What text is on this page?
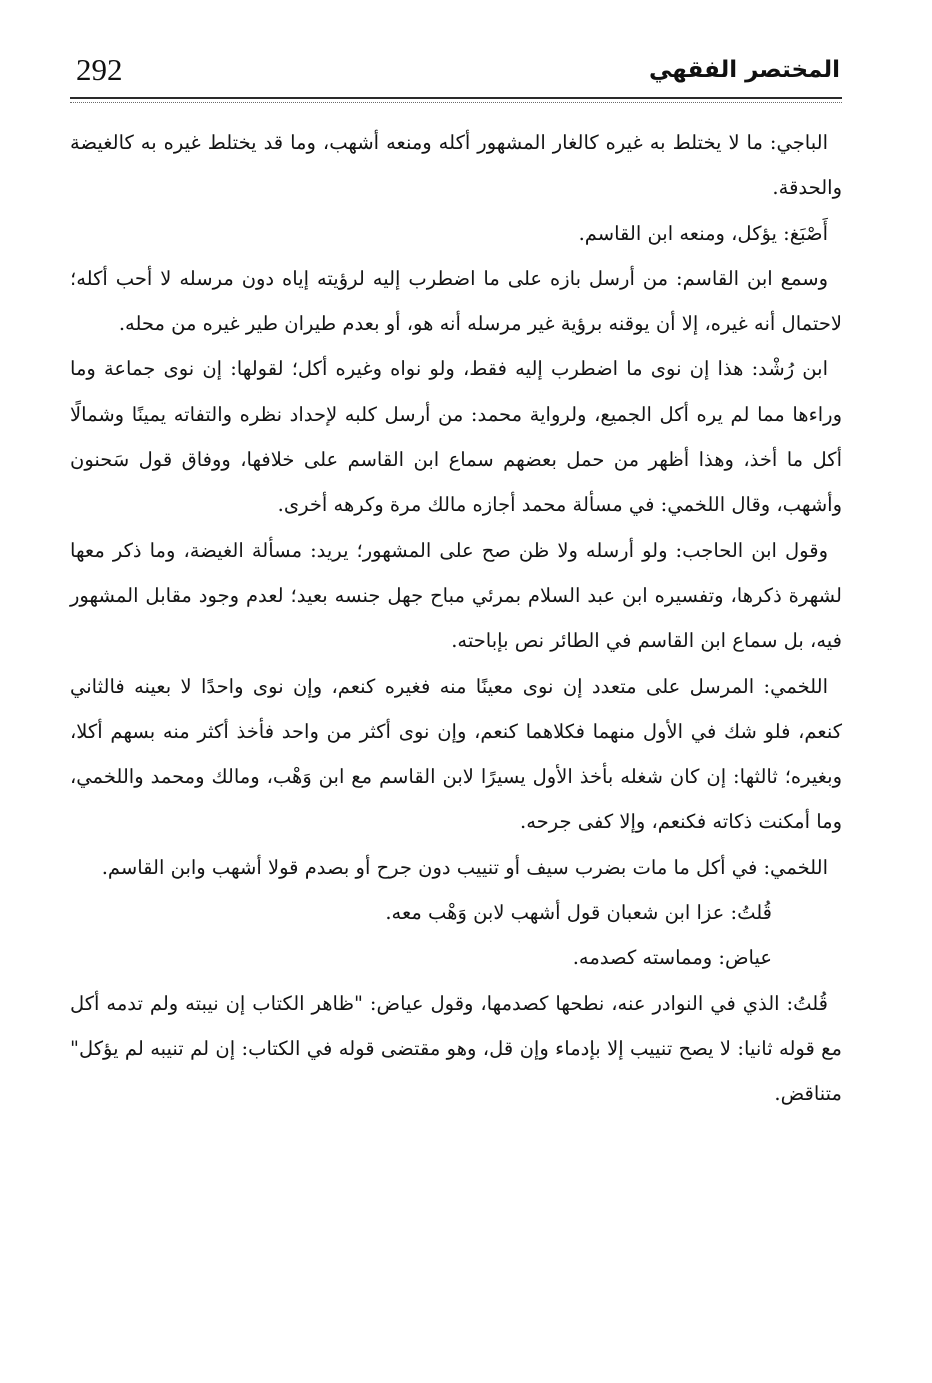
292	المختصر الفقهي

الباجي: ما لا يختلط به غيره كالغار المشهور أكله ومنعه أشهب، وما قد يختلط غيره به كالغيضة والحدقة.

أَصْبَغ: يؤكل، ومنعه ابن القاسم.

وسمع ابن القاسم: من أرسل بازه على ما اضطرب إليه لرؤيته إياه دون مرسله لا أحب أكله؛ لاحتمال أنه غيره، إلا أن يوقنه برؤية غير مرسله أنه هو، أو بعدم طيران طير غيره من محله.

ابن رُشْد: هذا إن نوى ما اضطرب إليه فقط، ولو نواه وغيره أكل؛ لقولها: إن نوى جماعة وما وراءها مما لم يره أكل الجميع، ولرواية محمد: من أرسل كلبه لإحداد نظره والتفاته يمينًا وشمالًا أكل ما أخذ، وهذا أظهر من حمل بعضهم سماع ابن القاسم على خلافها، ووفاق قول سَحنون وأشهب، وقال اللخمي: في مسألة محمد أجازه مالك مرة وكرهه أخرى.

وقول ابن الحاجب: ولو أرسله ولا ظن صح على المشهور؛ يريد: مسألة الغيضة، وما ذكر معها لشهرة ذكرها، وتفسيره ابن عبد السلام بمرئي مباح جهل جنسه بعيد؛ لعدم وجود مقابل المشهور فيه، بل سماع ابن القاسم في الطائر نص بإباحته.

اللخمي: المرسل على متعدد إن نوى معينًا منه فغيره كنعم، وإن نوى واحدًا لا بعينه فالثاني كنعم، فلو شك في الأول منهما فكلاهما كنعم، وإن نوى أكثر من واحد فأخذ أكثر منه بسهم أكلا، وبغيره؛ ثالثها: إن كان شغله بأخذ الأول يسيرًا لابن القاسم مع ابن وَهْب، ومالك ومحمد واللخمي، وما أمكنت ذكاته فكنعم، وإلا كفى جرحه.

اللخمي: في أكل ما مات بضرب سيف أو تنييب دون جرح أو بصدم قولا أشهب وابن القاسم.

قُلتُ: عزا ابن شعبان قول أشهب لابن وَهْب معه.

عياض: ومماسته كصدمه.

قُلتُ: الذي في النوادر عنه، نطحها كصدمها، وقول عياض: "ظاهر الكتاب إن نيبته ولم تدمه أكل مع قوله ثانيا: لا يصح تنييب إلا بإدماء وإن قل، وهو مقتضى قوله في الكتاب: إن لم تنيبه لم يؤكل" متناقض.
